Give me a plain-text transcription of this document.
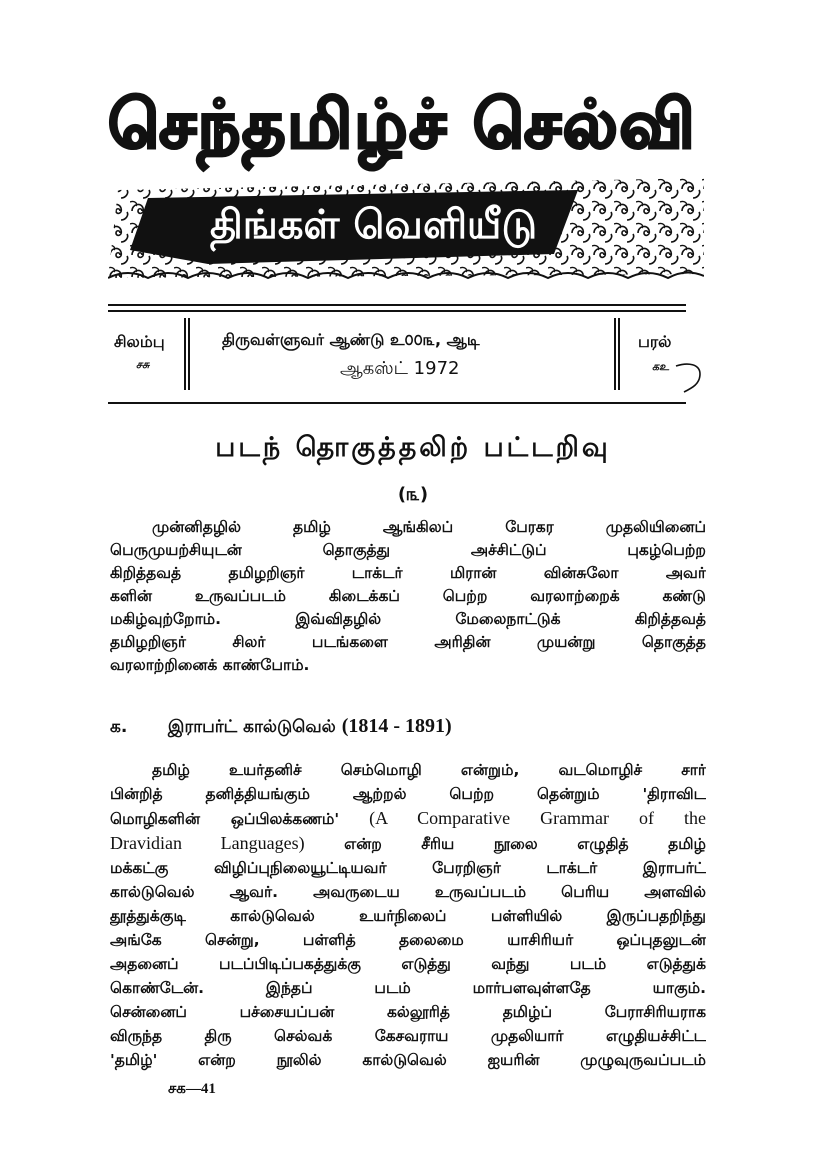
செந்தமிழ்ச் செல்வி
திங்கள் வெளியீடு
சிலம்பு
சசு
திருவள்ளுவர் ஆண்டு உ௦௦௩, ஆடி
ஆகஸ்ட் 1972
பரல்
கஉ
படந் தொகுத்தலிற் பட்டறிவு
(௩)
முன்னிதழில் தமிழ் ஆங்கிலப் பேரகர முதலியினைப்
பெருமுயற்சியுடன் தொகுத்து அச்சிட்டுப் புகழ்பெற்ற
கிறித்தவத் தமிழறிஞர் டாக்டர் மிரான் வின்சுலோ அவர்
களின் உருவப்படம் கிடைக்கப் பெற்ற வரலாற்றைக் கண்டு
மகிழ்வுற்றோம். இவ்விதழில் மேலைநாட்டுக் கிறித்தவத்
தமிழறிஞர் சிலர் படங்களை அரிதின் முயன்று தொகுத்த
வரலாற்றினைக் காண்போம்.
க. இராபர்ட் கால்டுவெல் (1814 - 1891)
தமிழ் உயர்தனிச் செம்மொழி என்றும், வடமொழிச் சார்
பின்றித் தனித்தியங்கும் ஆற்றல் பெற்ற தென்றும் 'திராவிட
மொழிகளின் ஒப்பிலக்கணம்' (A Comparative Grammar of the
Dravidian Languages) என்ற சீரிய நூலை எழுதித் தமிழ்
மக்கட்கு விழிப்புநிலையூட்டியவர் பேரறிஞர் டாக்டர் இராபர்ட்
கால்டுவெல் ஆவர். அவருடைய உருவப்படம் பெரிய அளவில்
தூத்துக்குடி கால்டுவெல் உயர்நிலைப் பள்ளியில் இருப்பதறிந்து
அங்கே சென்று, பள்ளித் தலைமை யாசிரியர் ஒப்புதலுடன்
அதனைப் படப்பிடிப்பகத்துக்கு எடுத்து வந்து படம் எடுத்துக்
கொண்டேன். இந்தப் படம் மார்பளவுள்ளதே யாகும்.
சென்னைப் பச்சையப்பன் கல்லூரித் தமிழ்ப் பேராசிரியராக
விருந்த திரு செல்வக் கேசவராய முதலியார் எழுதியச்சிட்ட
'தமிழ்' என்ற நூலில் கால்டுவெல் ஐயரின் முழுவுருவப்படம்
சக—41
